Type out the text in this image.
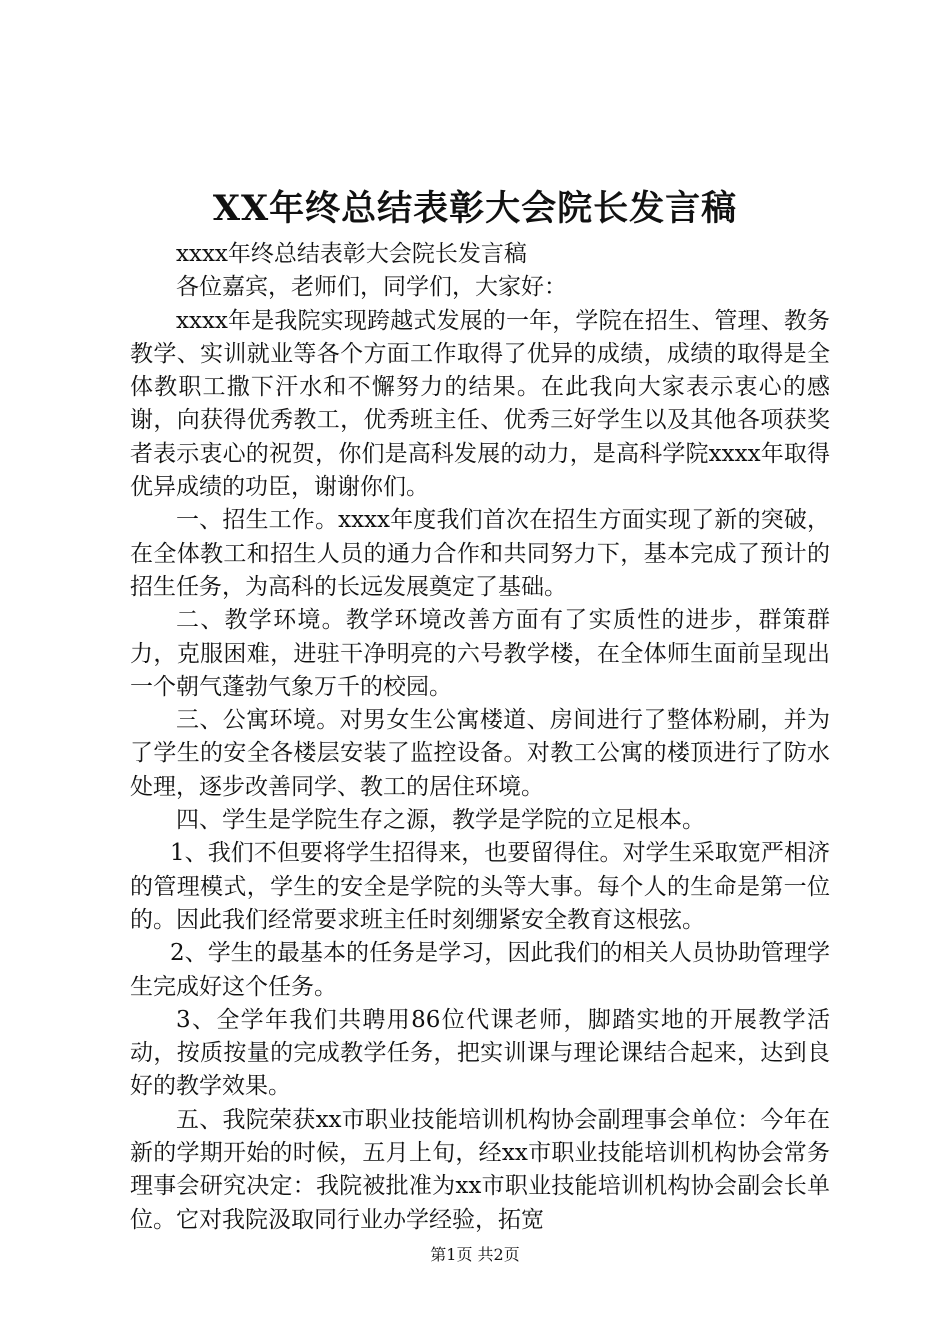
XX年终总结表彰大会院长发言稿

xxxx年终总结表彰大会院长发言稿

各位嘉宾，老师们，同学们，大家好：

xxxx年是我院实现跨越式发展的一年，学院在招生、管理、教务教学、实训就业等各个方面工作取得了优异的成绩，成绩的取得是全体教职工撒下汗水和不懈努力的结果。在此我向大家表示衷心的感谢，向获得优秀教工，优秀班主任、优秀三好学生以及其他各项获奖者表示衷心的祝贺，你们是高科发展的动力，是高科学院xxxx年取得优异成绩的功臣，谢谢你们。

一、招生工作。xxxx年度我们首次在招生方面实现了新的突破，在全体教工和招生人员的通力合作和共同努力下，基本完成了预计的招生任务，为高科的长远发展奠定了基础。

二、教学环境。教学环境改善方面有了实质性的进步，群策群力，克服困难，进驻干净明亮的六号教学楼，在全体师生面前呈现出一个朝气蓬勃气象万千的校园。

三、公寓环境。对男女生公寓楼道、房间进行了整体粉刷，并为了学生的安全各楼层安装了监控设备。对教工公寓的楼顶进行了防水处理，逐步改善同学、教工的居住环境。

四、学生是学院生存之源，教学是学院的立足根本。

1、我们不但要将学生招得来，也要留得住。对学生采取宽严相济的管理模式，学生的安全是学院的头等大事。每个人的生命是第一位的。因此我们经常要求班主任时刻绷紧安全教育这根弦。

2、学生的最基本的任务是学习，因此我们的相关人员协助管理学生完成好这个任务。

3、全学年我们共聘用86位代课老师，脚踏实地的开展教学活动，按质按量的完成教学任务，把实训课与理论课结合起来，达到良好的教学效果。

五、我院荣获xx市职业技能培训机构协会副理事会单位：今年在新的学期开始的时候，五月上旬，经xx市职业技能培训机构协会常务理事会研究决定：我院被批准为xx市职业技能培训机构协会副会长单位。它对我院汲取同行业办学经验，拓宽

第1页 共2页
